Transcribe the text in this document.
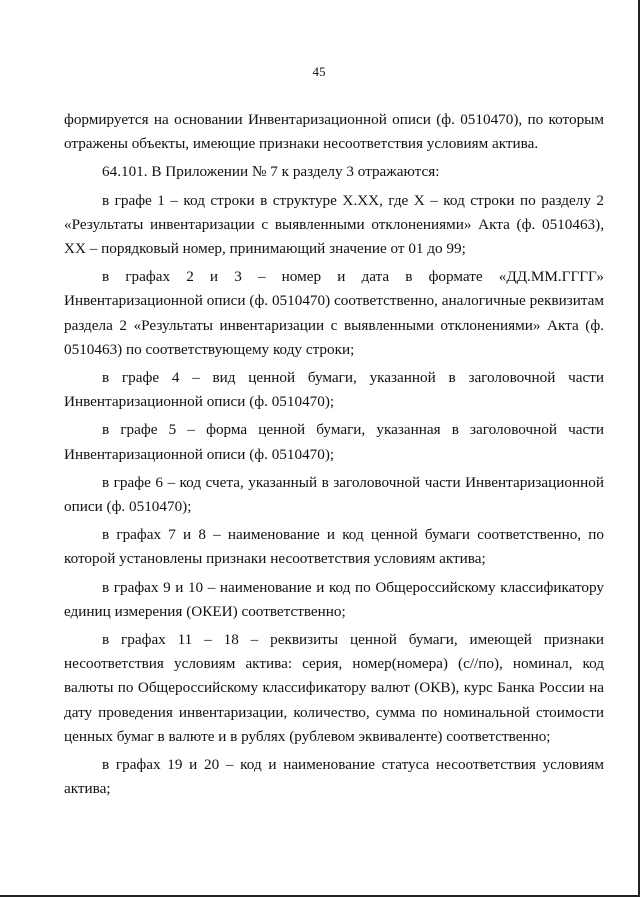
45

формируется на основании Инвентаризационной описи (ф. 0510470), по которым отражены объекты, имеющие признаки несоответствия условиям актива.

64.101. В Приложении № 7 к разделу 3 отражаются:

в графе 1 – код строки в структуре Х.ХХ, где Х – код строки по разделу 2 «Результаты инвентаризации с выявленными отклонениями» Акта (ф. 0510463), ХХ – порядковый номер, принимающий значение от 01 до 99;

в графах 2 и 3 – номер и дата в формате «ДД.ММ.ГГГГ» Инвентаризационной описи (ф. 0510470) соответственно, аналогичные реквизитам раздела 2 «Результаты инвентаризации с выявленными отклонениями» Акта (ф. 0510463) по соответствующему коду строки;

в графе 4 – вид ценной бумаги, указанной в заголовочной части Инвентаризационной описи (ф. 0510470);

в графе 5 – форма ценной бумаги, указанная в заголовочной части Инвентаризационной описи (ф. 0510470);

в графе 6 – код счета, указанный в заголовочной части Инвентаризационной описи (ф. 0510470);

в графах 7 и 8 – наименование и код ценной бумаги соответственно, по которой установлены признаки несоответствия условиям актива;

в графах 9 и 10 – наименование и код по Общероссийскому классификатору единиц измерения (ОКЕИ) соответственно;

в графах 11 – 18 – реквизиты ценной бумаги, имеющей признаки несоответствия условиям актива: серия, номер(номера) (с//по), номинал, код валюты по Общероссийскому классификатору валют (ОКВ), курс Банка России на дату проведения инвентаризации, количество, сумма по номинальной стоимости ценных бумаг в валюте и в рублях (рублевом эквиваленте) соответственно;

в графах 19 и 20 – код и наименование статуса несоответствия условиям актива;
